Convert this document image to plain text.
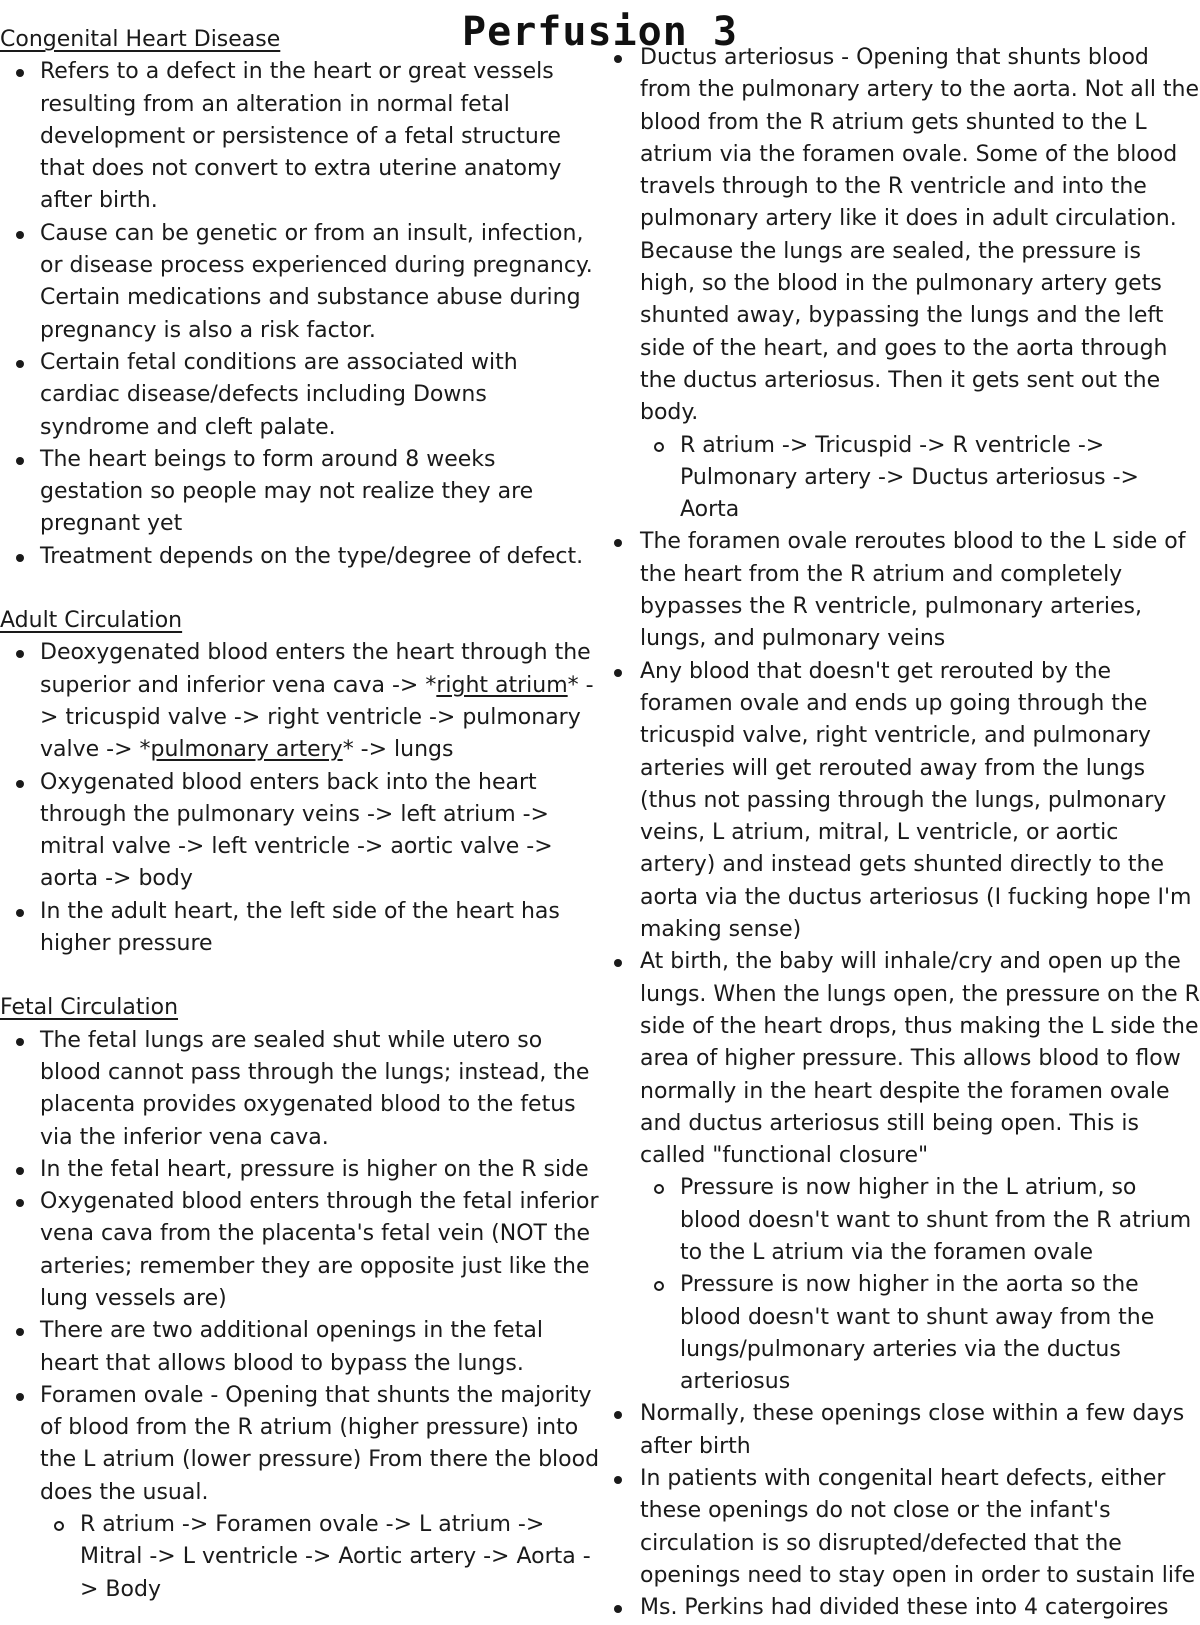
Perfusion 3
Congenital Heart Disease
Refers to a defect in the heart or great vessels resulting from an alteration in normal fetal development or persistence of a fetal structure that does not convert to extra uterine anatomy after birth.
Cause can be genetic or from an insult, infection, or disease process experienced during pregnancy. Certain medications and substance abuse during pregnancy is also a risk factor.
Certain fetal conditions are associated with cardiac disease/defects including Downs syndrome and cleft palate.
The heart beings to form around 8 weeks gestation so people may not realize they are pregnant yet
Treatment depends on the type/degree of defect.
Adult Circulation
Deoxygenated blood enters the heart through the superior and inferior vena cava -> *right atrium* -> tricuspid valve -> right ventricle -> pulmonary valve -> *pulmonary artery* -> lungs
Oxygenated blood enters back into the heart through the pulmonary veins -> left atrium -> mitral valve -> left ventricle -> aortic valve -> aorta -> body
In the adult heart, the left side of the heart has higher pressure
Fetal Circulation
The fetal lungs are sealed shut while utero so blood cannot pass through the lungs; instead, the placenta provides oxygenated blood to the fetus via the inferior vena cava.
In the fetal heart, pressure is higher on the R side
Oxygenated blood enters through the fetal inferior vena cava from the placenta's fetal vein (NOT the arteries; remember they are opposite just like the lung vessels are)
There are two additional openings in the fetal heart that allows blood to bypass the lungs.
Foramen ovale - Opening that shunts the majority of blood from the R atrium (higher pressure) into the L atrium (lower pressure) From there the blood does the usual.
R atrium -> Foramen ovale -> L atrium -> Mitral -> L ventricle -> Aortic artery -> Aorta -> Body
Ductus arteriosus - Opening that shunts blood from the pulmonary artery to the aorta. Not all the blood from the R atrium gets shunted to the L atrium via the foramen ovale. Some of the blood travels through to the R ventricle and into the pulmonary artery like it does in adult circulation. Because the lungs are sealed, the pressure is high, so the blood in the pulmonary artery gets shunted away, bypassing the lungs and the left side of the heart, and goes to the aorta through the ductus arteriosus. Then it gets sent out the body.
R atrium -> Tricuspid -> R ventricle -> Pulmonary artery -> Ductus arteriosus -> Aorta
The foramen ovale reroutes blood to the L side of the heart from the R atrium and completely bypasses the R ventricle, pulmonary arteries, lungs, and pulmonary veins
Any blood that doesn't get rerouted by the foramen ovale and ends up going through the tricuspid valve, right ventricle, and pulmonary arteries will get rerouted away from the lungs (thus not passing through the lungs, pulmonary veins, L atrium, mitral, L ventricle, or aortic artery) and instead gets shunted directly to the aorta via the ductus arteriosus (I fucking hope I'm making sense)
At birth, the baby will inhale/cry and open up the lungs. When the lungs open, the pressure on the R side of the heart drops, thus making the L side the area of higher pressure. This allows blood to flow normally in the heart despite the foramen ovale and ductus arteriosus still being open. This is called "functional closure"
Pressure is now higher in the L atrium, so blood doesn't want to shunt from the R atrium to the L atrium via the foramen ovale
Pressure is now higher in the aorta so the blood doesn't want to shunt away from the lungs/pulmonary arteries via the ductus arteriosus
Normally, these openings close within a few days after birth
In patients with congenital heart defects, either these openings do not close or the infant's circulation is so disrupted/defected that the openings need to stay open in order to sustain life
Ms. Perkins had divided these into 4 catergoires
